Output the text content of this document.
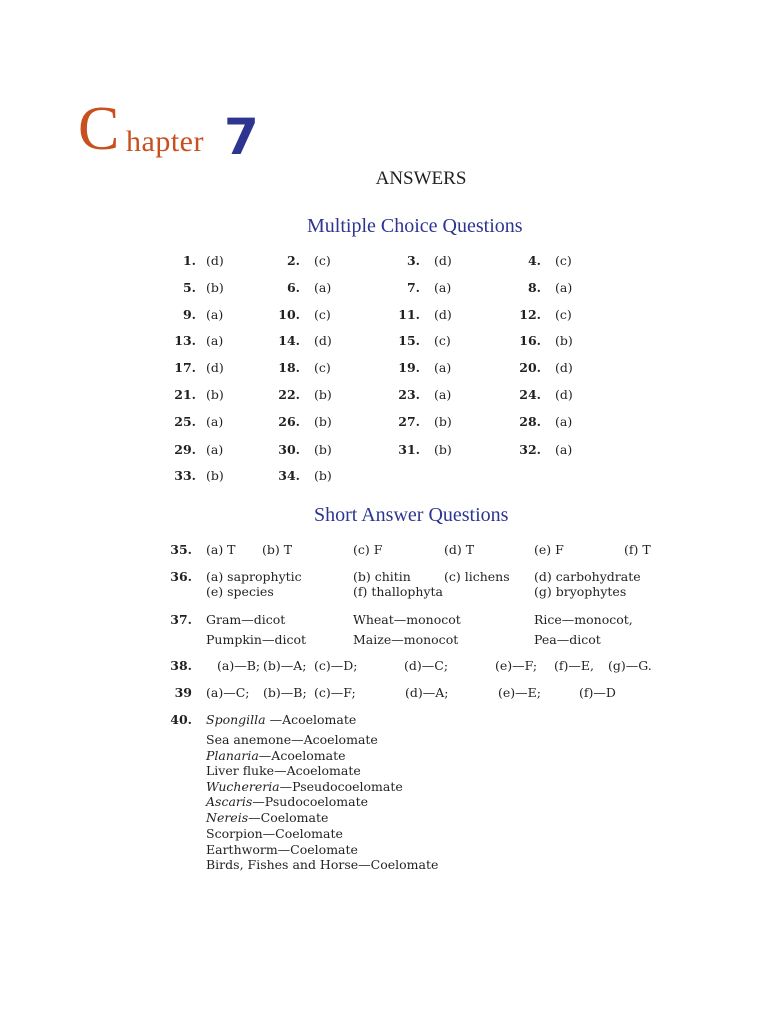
C hapter 7
ANSWERS
Multiple Choice Questions
1. (d)	2. (c)	3. (d)	4. (c)
5. (b)	6. (a)	7. (a)	8. (a)
9. (a)	10. (c)	11. (d)	12. (c)
13. (a)	14. (d)	15. (c)	16. (b)
17. (d)	18. (c)	19. (a)	20. (d)
21. (b)	22. (b)	23. (a)	24. (d)
25. (a)	26. (b)	27. (b)	28. (a)
29. (a)	30. (b)	31. (b)	32. (a)
33. (b)	34. (b)
Short Answer Questions
35. (a) T (b) T	(c) F	(d) T	(e) F	(f) T
36. (a) saprophytic	(b) chitin	(c) lichens (d) carbohydrate
(e) species	(f) thallophyta	(g) bryophytes
37. Gram—dicot	Wheat—monocot	Rice—monocot,
Pumpkin—dicot	Maize—monocot	Pea—dicot
38. (a)—B; (b)—A; (c)—D;	(d)—C;	(e)—F; (f)—E, (g)—G.
39 (a)—C; (b)—B; (c)—F;	(d)—A;	(e)—E;	(f)—D
40. Spongilla —Acoelomate
Sea anemone—Acoelomate
Planaria—Acoelomate
Liver fluke—Acoelomate
Wuchereria—Pseudocoelomate
Ascaris—Psudocoelomate
Nereis—Coelomate
Scorpion—Coelomate
Earthworm—Coelomate
Birds, Fishes and Horse—Coelomate
